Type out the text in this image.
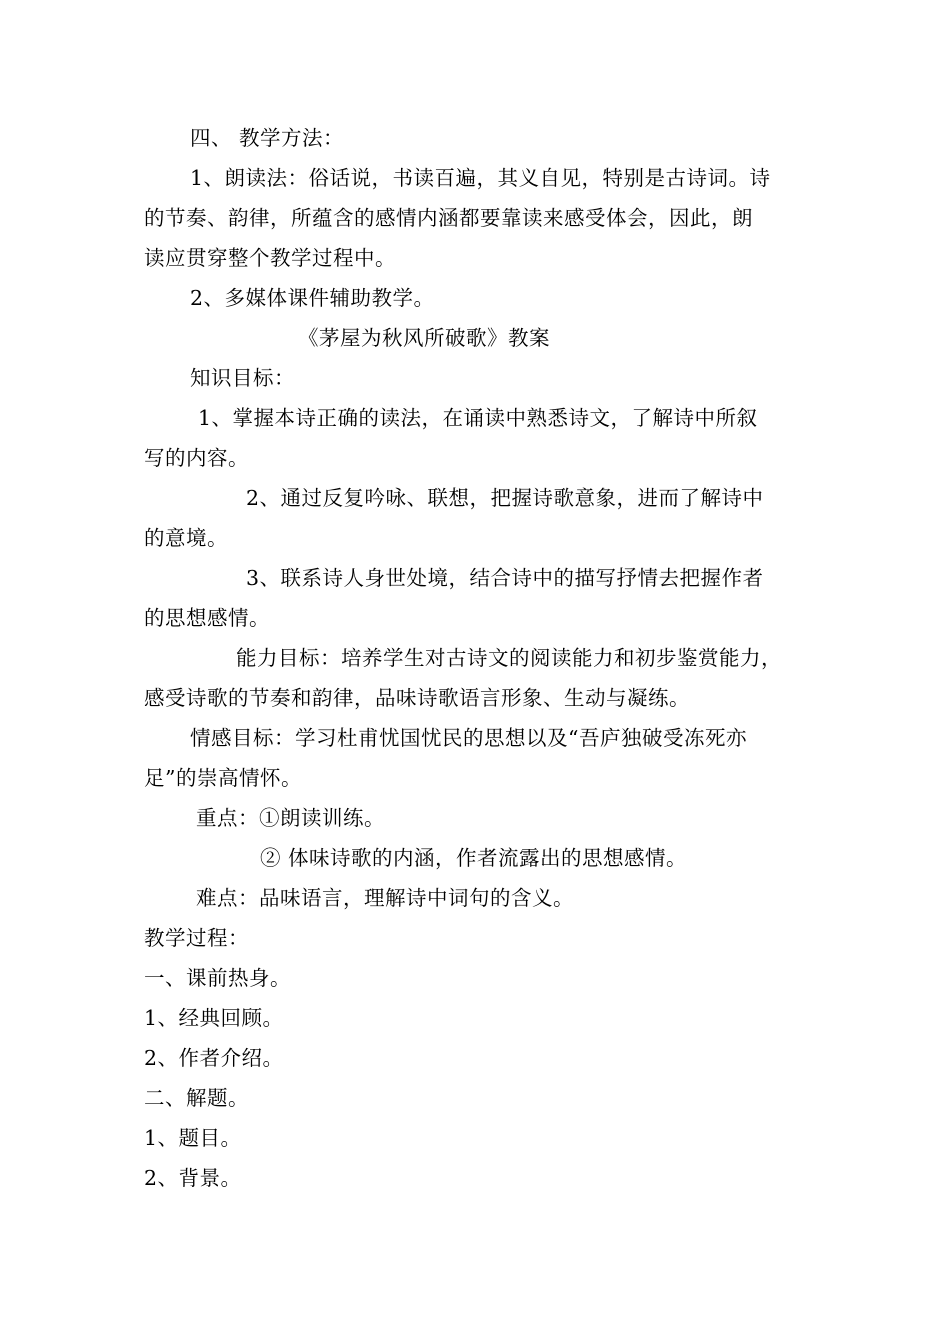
四、 教学方法：
1、朗读法：俗话说，书读百遍，其义自见，特别是古诗词。诗
的节奏、韵律，所蕴含的感情内涵都要靠读来感受体会，因此，朗
读应贯穿整个教学过程中。
2、多媒体课件辅助教学。
《茅屋为秋风所破歌》教案
知识目标：
1、掌握本诗正确的读法，在诵读中熟悉诗文，了解诗中所叙
写的内容。
2、通过反复吟咏、联想，把握诗歌意象，进而了解诗中
的意境。
3、联系诗人身世处境，结合诗中的描写抒情去把握作者
的思想感情。
能力目标：培养学生对古诗文的阅读能力和初步鉴赏能力，
感受诗歌的节奏和韵律，品味诗歌语言形象、生动与凝练。
情感目标：学习杜甫忧国忧民的思想以及“吾庐独破受冻死亦
足”的崇高情怀。
重点：①朗读训练。
② 体味诗歌的内涵，作者流露出的思想感情。
难点：品味语言，理解诗中词句的含义。
教学过程：
一、课前热身。
1、经典回顾。
2、作者介绍。
二、解题。
1、题目。
2、背景。
